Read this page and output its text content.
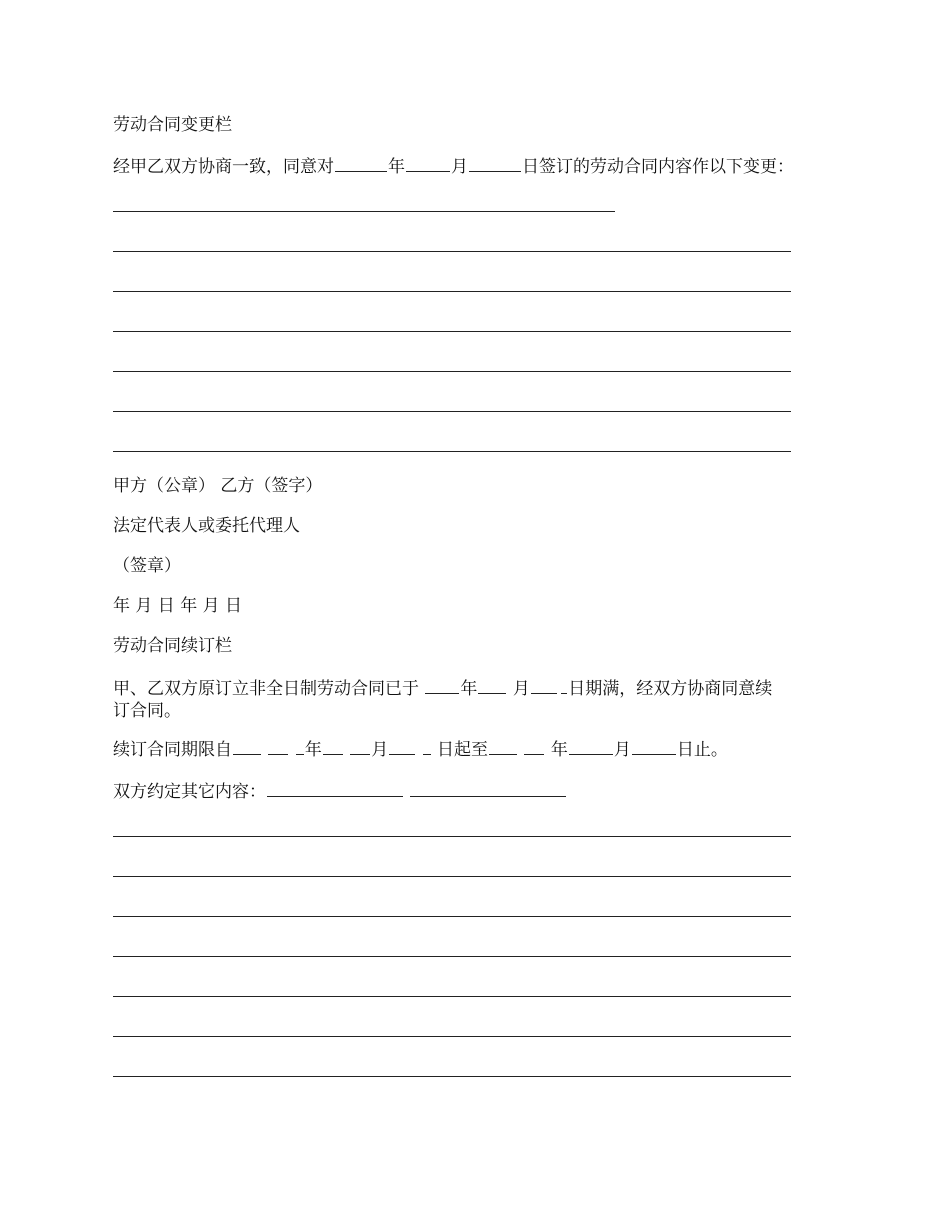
劳动合同变更栏
经甲乙双方协商一致，同意对	年	月	日签订的劳动合同内容作以下变更：
甲方（公章） 乙方（签字）
法定代表人或委托代理人
（签章）
年 月 日 年 月 日
劳动合同续订栏
甲、乙双方原订立非全日制劳动合同已于 年 月 日期满，经双方协商同意续
订合同。
续订合同期限自	年	月	日起至	年	月	日止。
双方约定其它内容：
